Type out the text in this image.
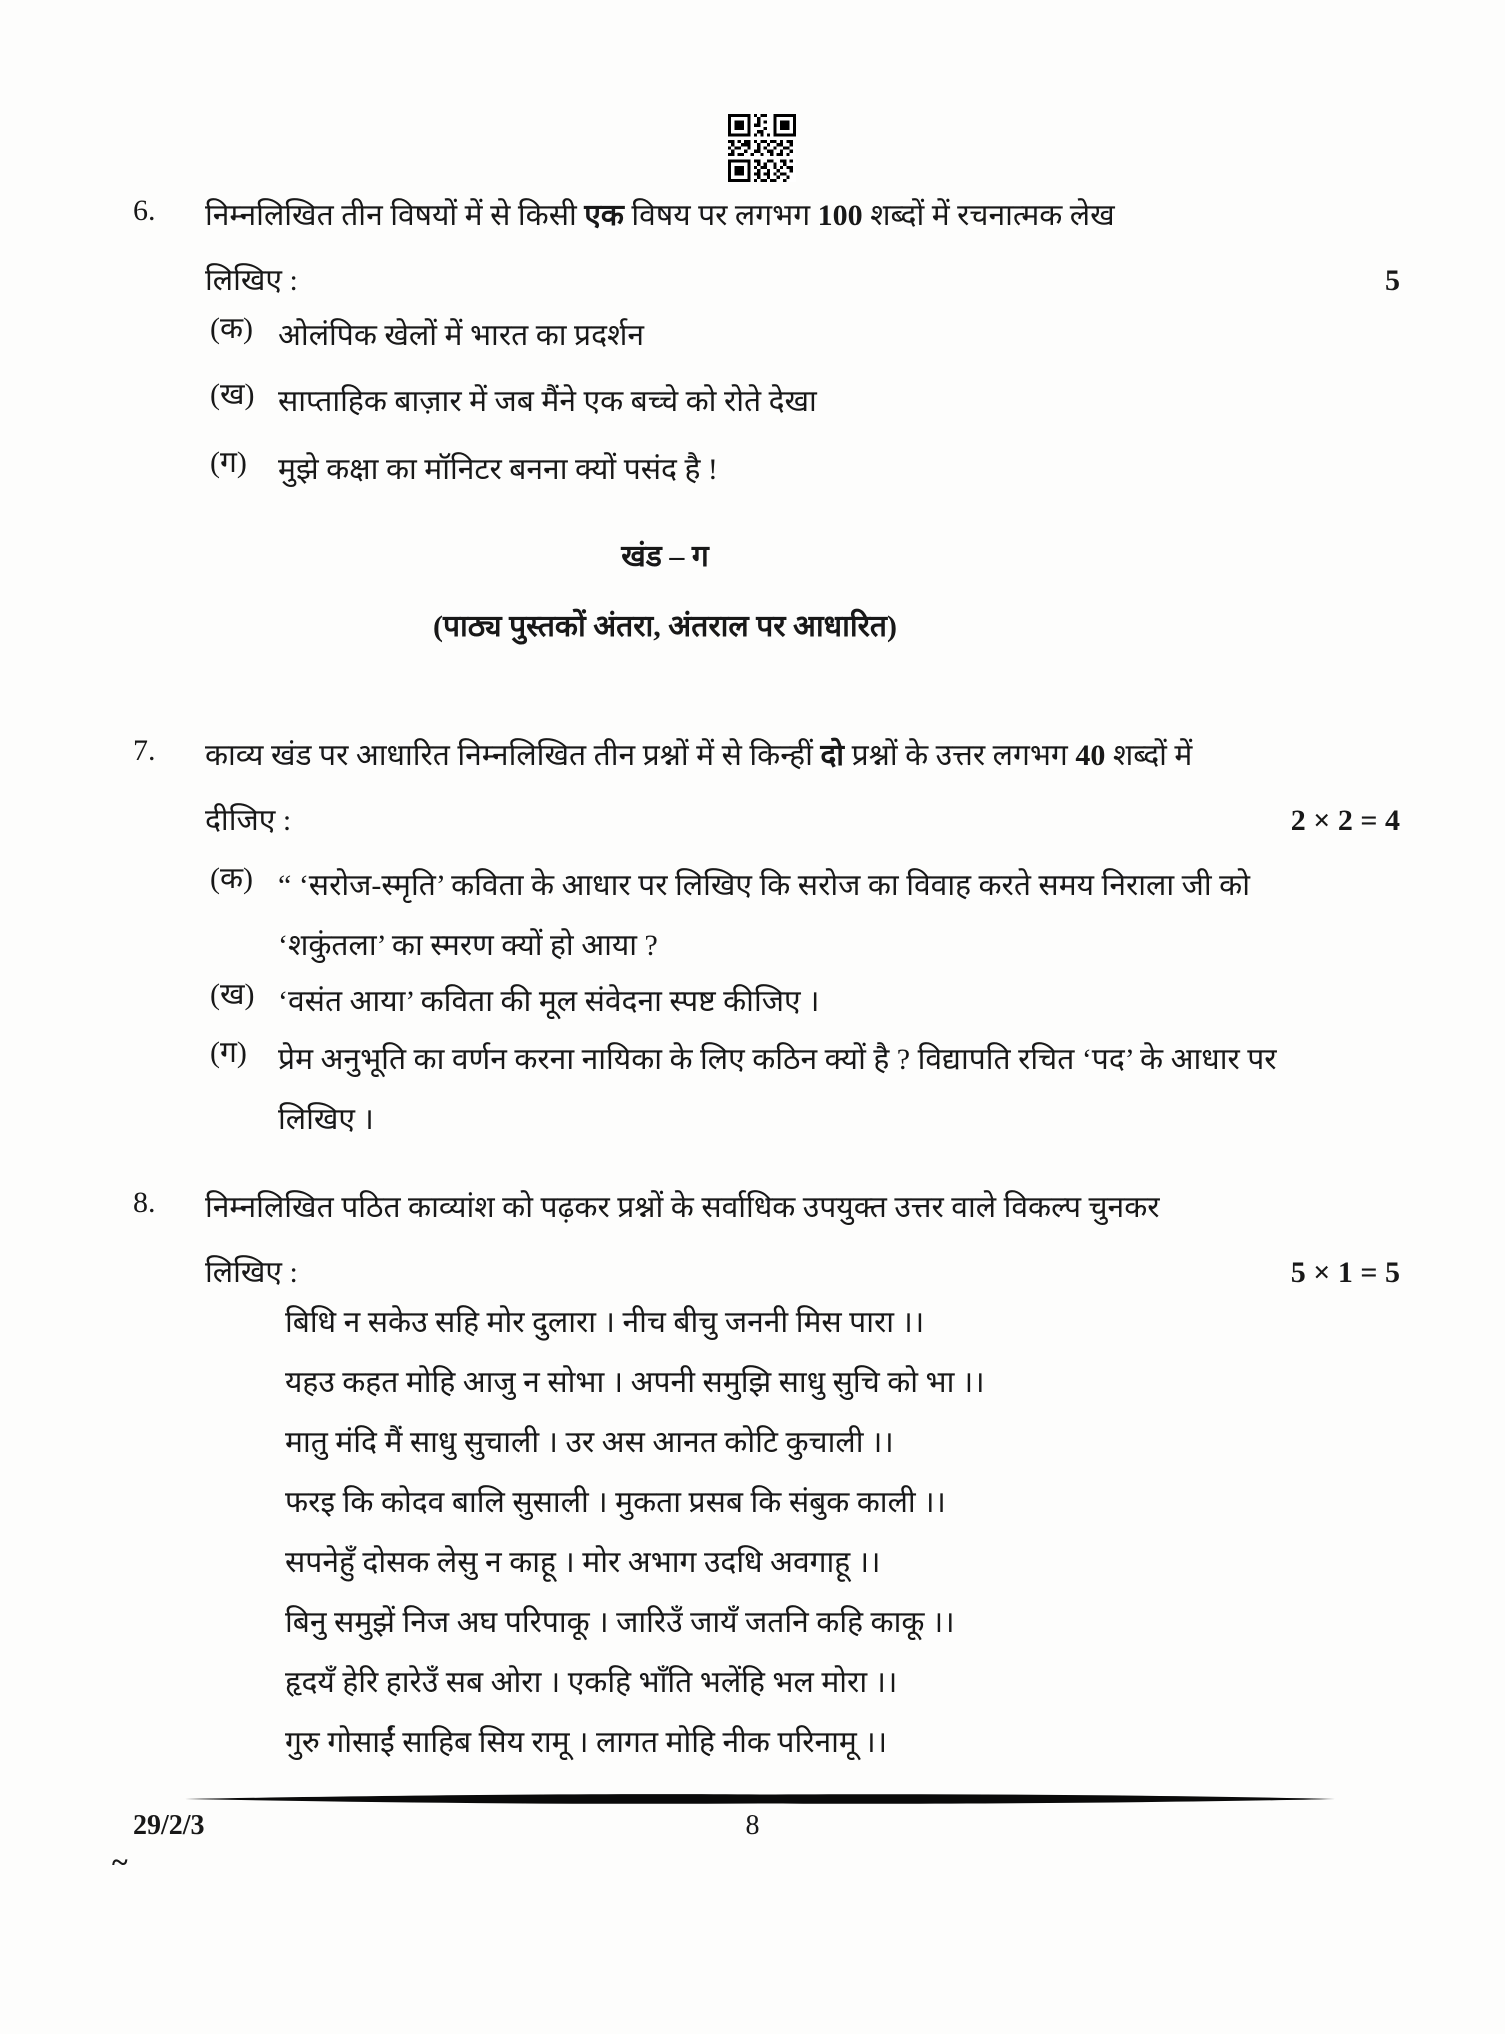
6. निम्नलिखित तीन विषयों में से किसी एक विषय पर लगभग 100 शब्दों में रचनात्मक लेख
लिखिए :	5
(क) ओलंपिक खेलों में भारत का प्रदर्शन
(ख) साप्ताहिक बाज़ार में जब मैंने एक बच्चे को रोते देखा
(ग) मुझे कक्षा का मॉनिटर बनना क्यों पसंद है !
खंड – ग
(पाठ्य पुस्तकों अंतरा, अंतराल पर आधारित)
7. काव्य खंड पर आधारित निम्नलिखित तीन प्रश्नों में से किन्हीं दो प्रश्नों के उत्तर लगभग 40 शब्दों में
दीजिए :	2 × 2 = 4
(क) “ ‘सरोज-स्मृति’ कविता के आधार पर लिखिए कि सरोज का विवाह करते समय निराला जी को ‘शकुंतला’ का स्मरण क्यों हो आया ?
(ख) ‘वसंत आया’ कविता की मूल संवेदना स्पष्ट कीजिए ।
(ग) प्रेम अनुभूति का वर्णन करना नायिका के लिए कठिन क्यों है ? विद्यापति रचित ‘पद’ के आधार पर लिखिए ।
8. निम्नलिखित पठित काव्यांश को पढ़कर प्रश्नों के सर्वाधिक उपयुक्त उत्तर वाले विकल्प चुनकर
लिखिए :	5 × 1 = 5
बिधि न सकेउ सहि मोर दुलारा । नीच बीचु जननी मिस पारा ।।
यहउ कहत मोहि आजु न सोभा । अपनी समुझि साधु सुचि को भा ।।
मातु मंदि मैं साधु सुचाली । उर अस आनत कोटि कुचाली ।।
फरइ कि कोदव बालि सुसाली । मुकता प्रसब कि संबुक काली ।।
सपनेहुँ दोसक लेसु न काहू । मोर अभाग उदधि अवगाहू ।।
बिनु समुझें निज अघ परिपाकू । जारिउँ जायँ जतनि कहि काकू ।।
हृदयँ हेरि हारेउँ सब ओरा । एकहि भाँति भलेंहि भल मोरा ।।
गुरु गोसाईं साहिब सिय रामू । लागत मोहि नीक परिनामू ।।
29/2/3	8
~
